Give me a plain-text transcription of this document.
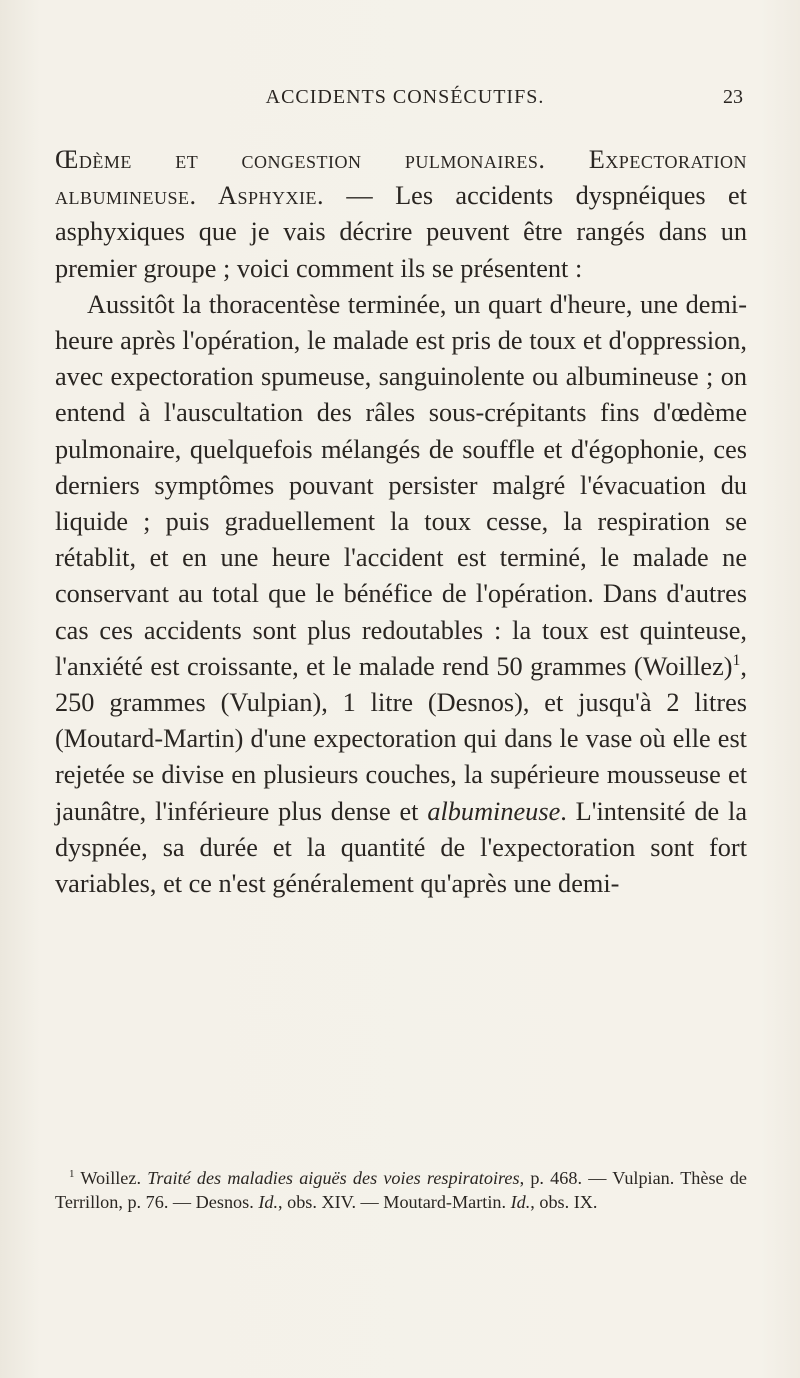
ACCIDENTS CONSÉCUTIFS.	23

Œdème et congestion pulmonaires. Expectoration albumineuse. Asphyxie. — Les accidents dyspnéiques et asphyxiques que je vais décrire peuvent être rangés dans un premier groupe ; voici comment ils se présentent :

Aussitôt la thoracentèse terminée, un quart d'heure, une demi-heure après l'opération, le malade est pris de toux et d'oppression, avec expectoration spumeuse, sanguinolente ou albumineuse ; on entend à l'auscultation des râles sous-crépitants fins d'œdème pulmonaire, quelquefois mélangés de souffle et d'égophonie, ces derniers symptômes pouvant persister malgré l'évacuation du liquide ; puis graduellement la toux cesse, la respiration se rétablit, et en une heure l'accident est terminé, le malade ne conservant au total que le bénéfice de l'opération. Dans d'autres cas ces accidents sont plus redoutables : la toux est quinteuse, l'anxiété est croissante, et le malade rend 50 grammes (Woillez)$^1$, 250 grammes (Vulpian), 1 litre (Desnos), et jusqu'à 2 litres (Moutard-Martin) d'une expectoration qui dans le vase où elle est rejetée se divise en plusieurs couches, la supérieure mousseuse et jaunâtre, l'inférieure plus dense et albumineuse. L'intensité de la dyspnée, sa durée et la quantité de l'expectoration sont fort variables, et ce n'est généralement qu'après une demi-

$^1$ Woillez. Traité des maladies aiguës des voies respiratoires, p. 468. — Vulpian. Thèse de Terrillon, p. 76. — Desnos. Id., obs. XIV. — Moutard-Martin. Id., obs. IX.
